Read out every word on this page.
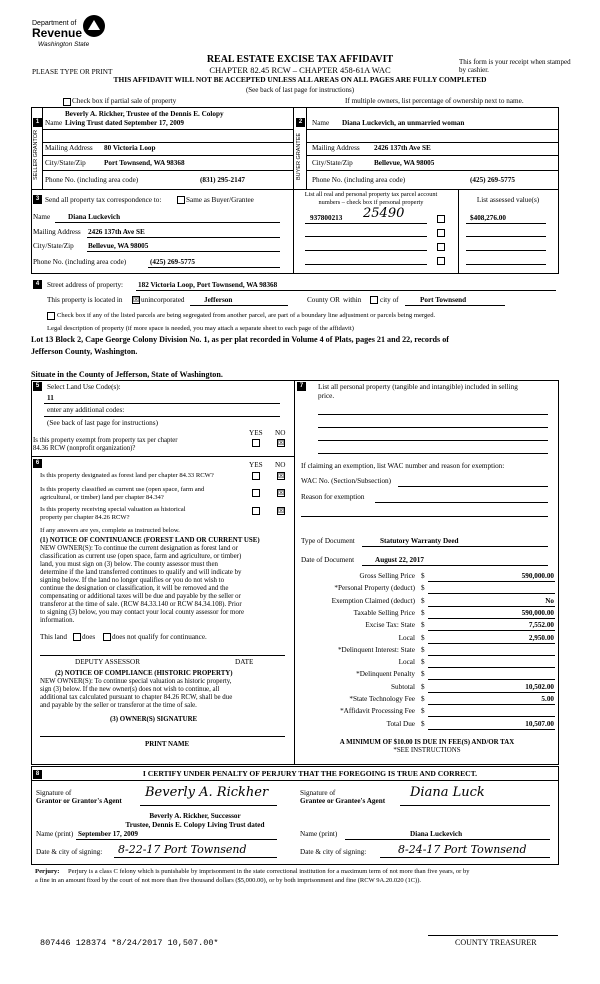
Department of
Revenue
Washington State
REAL ESTATE EXCISE TAX AFFIDAVIT
CHAPTER 82.45 RCW – CHAPTER 458-61A WAC
THIS AFFIDAVIT WILL NOT BE ACCEPTED UNLESS ALL AREAS ON ALL PAGES ARE FULLY COMPLETED
(See back of last page for instructions)
PLEASE TYPE OR PRINT
This form is your receipt when stamped by cashier.
Check box if partial sale of property	If multiple owners, list percentage of ownership next to name.
1
SELLER GRANTOR
Name
Beverly A. Rickher, Trustee of the Dennis E. Colopy
Living Trust dated September 17, 2009
Mailing Address 80 Victoria Loop
City/State/Zip	Port Townsend, WA 98368
Phone No. (including area code)	(831) 295-2147
2
BUYER GRANTEE
Name Diana Luckevich, an unmarried woman
Mailing Address 2426 137th Ave SE
City/State/Zip	Bellevue, WA 98005
Phone No. (including area code)	(425) 269-5775
3 Send all property tax correspondence to:	Same as Buyer/Grantee
Name Diana Luckevich
Mailing Address 2426 137th Ave SE
City/State/Zip Bellevue, WA 98005
Phone No. (including area code)	(425) 269-5775
List all real and personal property tax parcel account numbers – check box if personal property	List assessed value(s)
937800213 25490	$408,276.00
4	Street address of property: 182 Victoria Loop, Port Townsend, WA 98368
This property is located in ☒ unincorporated	Jefferson	County OR within	city of	Port Townsend
Check box if any of the listed parcels are being segregated from another parcel, are part of a boundary line adjustment or parcels being merged.
Legal description of property (if more space is needed, you may attach a separate sheet to each page of the affidavit)
Lot 13 Block 2, Cape George Colony Division No. 1, as per plat recorded in Volume 4 of Plats, pages 21 and 22, records of
Jefferson County, Washington.
Situate in the County of Jefferson, State of Washington.
5	Select Land Use Code(s):
11
enter any additional codes:
(See back of last page for instructions)
YES NO
Is this property exempt from property tax per chapter
84.36 RCW (nonprofit organization)?
☒
6	YES NO
Is this property designated as forest land per chapter 84.33 RCW?	☒
Is this property classified as current use (open space, farm and
agricultural, or timber) land per chapter 84.34?
☒
Is this property receiving special valuation as historical
property per chapter 84.26 RCW?
☒
If any answers are yes, complete as instructed below.
(1) NOTICE OF CONTINUANCE (FOREST LAND OR CURRENT USE)
NEW OWNER(S): To continue the current designation as forest land or
classification as current use (open space, farm and agriculture, or timber)
land, you must sign on (3) below. The county assessor must then
determine if the land transferred continues to qualify and will indicate by
signing below. If the land no longer qualifies or you do not wish to
continue the designation or classification, it will be removed and the
compensating or additional taxes will be due and payable by the seller or
transferor at the time of sale. (RCW 84.33.140 or RCW 84.34.108). Prior
to signing (3) below, you may contact your local county assessor for more
information.
This land does does not qualify for continuance.
DEPUTY ASSESSOR	DATE
(2) NOTICE OF COMPLIANCE (HISTORIC PROPERTY)
NEW OWNER(S): To continue special valuation as historic property,
sign (3) below. If the new owner(s) does not wish to continue, all
additional tax calculated pursuant to chapter 84.26 RCW, shall be due
and payable by the seller or transferor at the time of sale.
(3) OWNER(S) SIGNATURE
PRINT NAME
7	List all personal property (tangible and intangible) included in selling
price.
If claiming an exemption, list WAC number and reason for exemption:
WAC No. (Section/Subsection)
Reason for exemption
Type of Document	Statutory Warranty Deed
Date of Document	August 22, 2017
Gross Selling Price $	590,000.00
*Personal Property (deduct) $
Exemption Claimed (deduct) $	No
Taxable Selling Price $	590,000.00
Excise Tax: State $	7,552.00
Local $	2,950.00
*Delinquent Interest: State $
Local $
*Delinquent Penalty $
Subtotal $	10,502.00
*State Technology Fee $	5.00
*Affidavit Processing Fee $
Total Due $	10,507.00
A MINIMUM OF $10.00 IS DUE IN FEE(S) AND/OR TAX
*SEE INSTRUCTIONS
8	I CERTIFY UNDER PENALTY OF PERJURY THAT THE FOREGOING IS TRUE AND CORRECT.
Signature of
Grantor or Grantor's Agent
Beverly A. Rickher
Beverly A. Rickher, Successor
Trustee, Dennis E. Colopy Living Trust dated
Name (print) September 17, 2009
Date & city of signing: 8-22-17 Port Townsend
Signature of
Grantee or Grantee's Agent
Diana Luck
Name (print)	Diana Luckevich
Date & city of signing:	8-24-17 Port Townsend
Perjury: Perjury is a class C felony which is punishable by imprisonment in the state correctional institution for a maximum term of not more than five years, or by
a fine in an amount fixed by the court of not more than five thousand dollars ($5,000.00), or by both imprisonment and fine (RCW 9A.20.020 (1C)).
807446 128374 *8/24/2017 10,507.00*	COUNTY TREASURER
